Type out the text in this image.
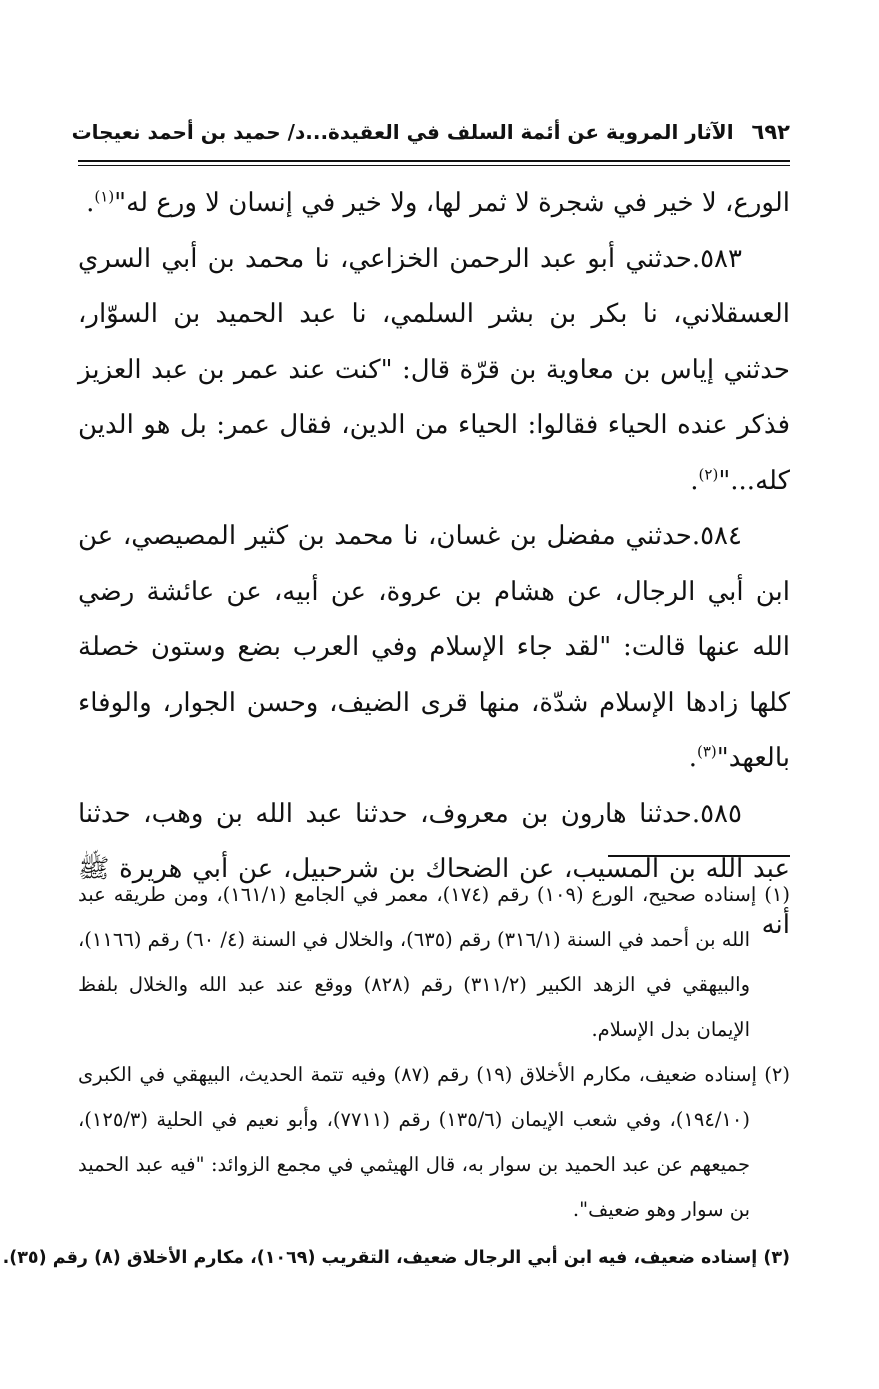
٦٩٢
الآثار المروية عن أئمة السلف في العقيدة...د/ حميد بن أحمد نعيجات

الورع، لا خير في شجرة لا ثمر لها، ولا خير في إنسان لا ورع له"$^{(١)}$.

٥٨٣.حدثني أبو عبد الرحمن الخزاعي، نا محمد بن أبي السري العسقلاني، نا بكر بن بشر السلمي، نا عبد الحميد بن السوّار، حدثني إياس بن معاوية بن قرّة قال: "كنت عند عمر بن عبد العزيز فذكر عنده الحياء فقالوا: الحياء من الدين، فقال عمر: بل هو الدين كله..."$^{(٢)}$.

٥٨٤.حدثني مفضل بن غسان، نا محمد بن كثير المصيصي، عن ابن أبي الرجال، عن هشام بن عروة، عن أبيه، عن عائشة رضي الله عنها قالت: "لقد جاء الإسلام وفي العرب بضع وستون خصلة كلها زادها الإسلام شدّة، منها قرى الضيف، وحسن الجوار، والوفاء بالعهد"$^{(٣)}$.

٥٨٥.حدثنا هارون بن معروف، حدثنا عبد الله بن وهب، حدثنا عبد الله بن المسيب، عن الضحاك بن شرحبيل، عن أبي هريرة ﷺ أنه

(١) إسناده صحيح، الورع (١٠٩) رقم (١٧٤)، معمر في الجامع (١٦١/١)، ومن طريقه عبد الله بن أحمد في السنة (٣١٦/١) رقم (٦٣٥)، والخلال في السنة (٤/ ٦٠) رقم (١١٦٦)، والبيهقي في الزهد الكبير (٣١١/٢) رقم (٨٢٨) ووقع عند عبد الله والخلال بلفظ الإيمان بدل الإسلام.

(٢) إسناده ضعيف، مكارم الأخلاق (١٩) رقم (٨٧) وفيه تتمة الحديث، البيهقي في الكبرى (١٩٤/١٠)، وفي شعب الإيمان (١٣٥/٦) رقم (٧٧١١)، وأبو نعيم في الحلية (١٢٥/٣)، جميعهم عن عبد الحميد بن سوار به، قال الهيثمي في مجمع الزوائد: "فيه عبد الحميد بن سوار وهو ضعيف".

(٣) إسناده ضعيف، فيه ابن أبي الرجال ضعيف، التقريب (١٠٦٩)، مكارم الأخلاق (٨) رقم (٣٥).
